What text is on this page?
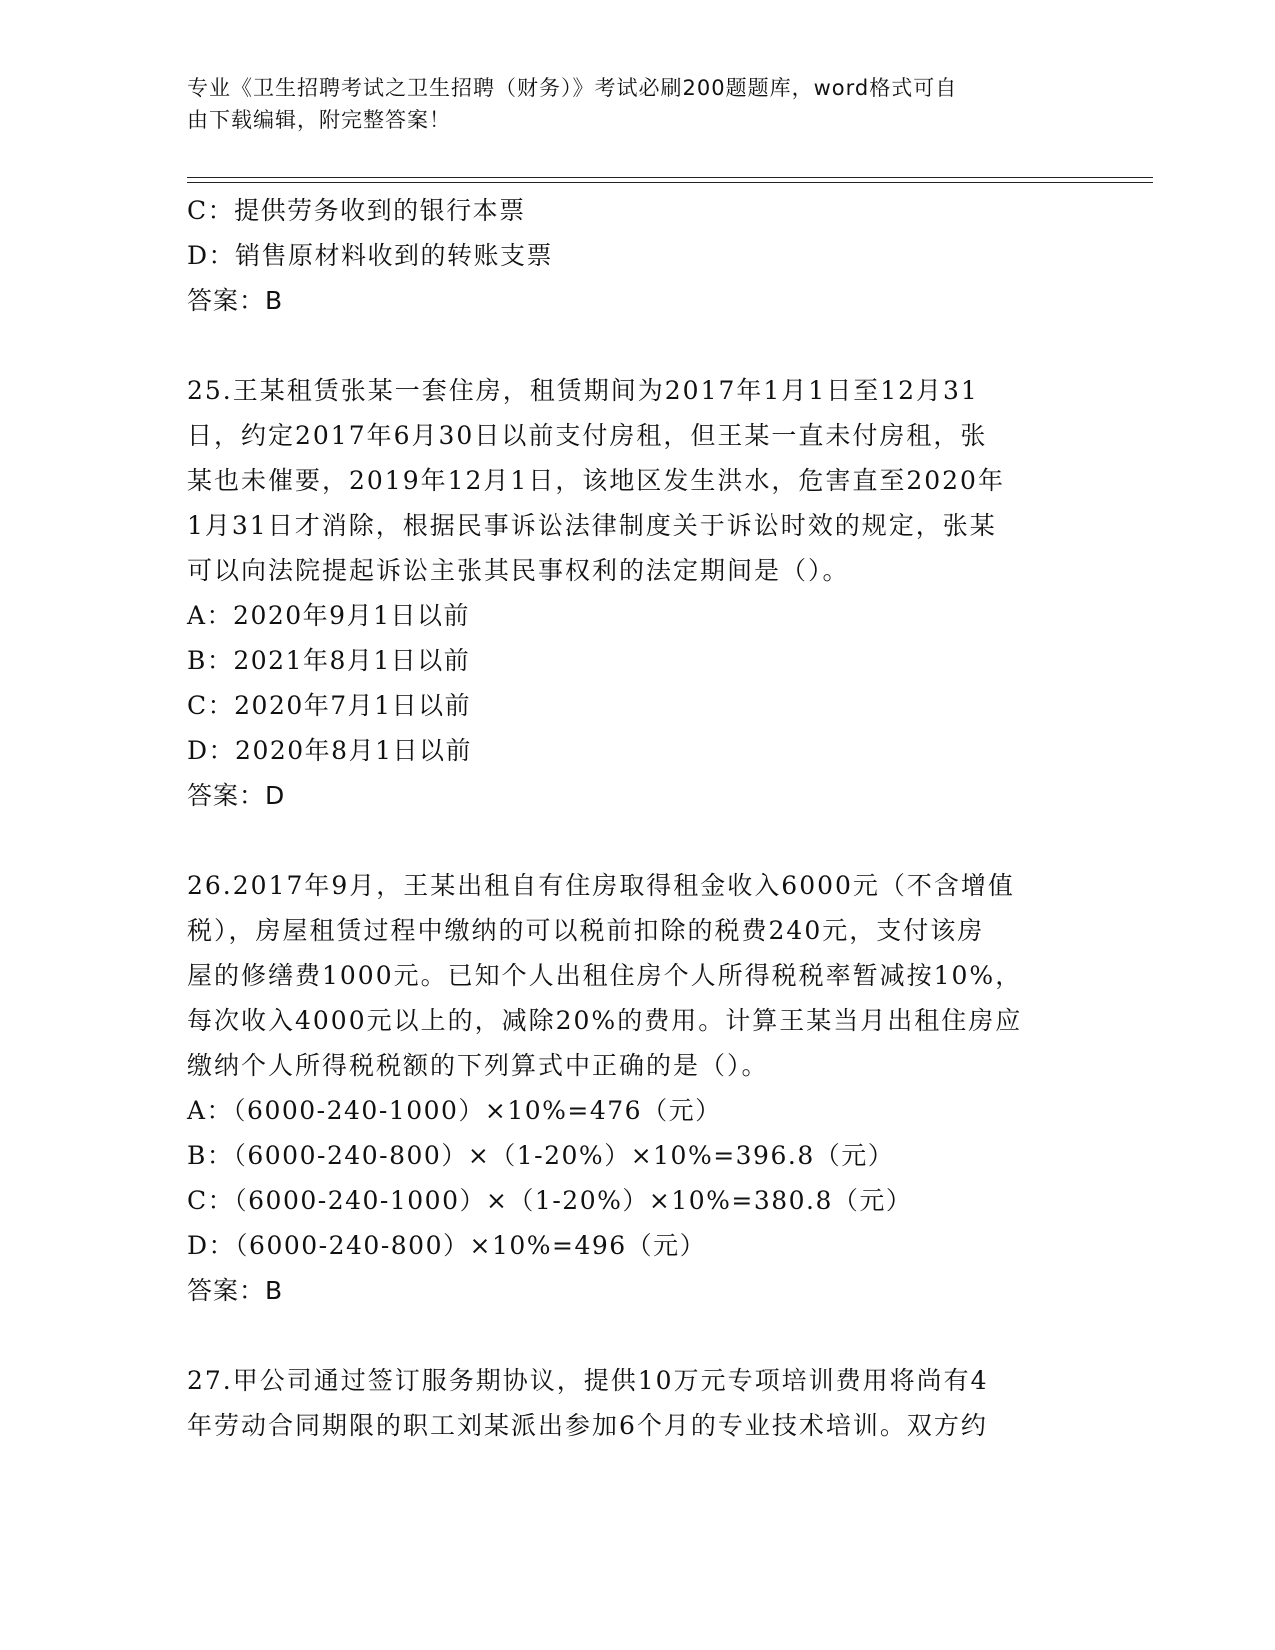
专业《卫生招聘考试之卫生招聘（财务）》考试必刷200题题库，word格式可自
由下载编辑，附完整答案！
C：提供劳务收到的银行本票
D：销售原材料收到的转账支票
答案：B
25.王某租赁张某一套住房，租赁期间为2017年1月1日至12月31
日，约定2017年6月30日以前支付房租，但王某一直未付房租，张
某也未催要，2019年12月1日，该地区发生洪水，危害直至2020年
1月31日才消除，根据民事诉讼法律制度关于诉讼时效的规定，张某
可以向法院提起诉讼主张其民事权利的法定期间是（）。
A：2020年9月1日以前
B：2021年8月1日以前
C：2020年7月1日以前
D：2020年8月1日以前
答案：D
26.2017年9月，王某出租自有住房取得租金收入6000元（不含增值
税），房屋租赁过程中缴纳的可以税前扣除的税费240元，支付该房
屋的修缮费1000元。已知个人出租住房个人所得税税率暂减按10%，
每次收入4000元以上的，减除20%的费用。计算王某当月出租住房应
缴纳个人所得税税额的下列算式中正确的是（）。
A：（6000-240-1000）×10%=476（元）
B：（6000-240-800）×（1-20%）×10%=396.8（元）
C：（6000-240-1000）×（1-20%）×10%=380.8（元）
D：（6000-240-800）×10%=496（元）
答案：B
27.甲公司通过签订服务期协议，提供10万元专项培训费用将尚有4
年劳动合同期限的职工刘某派出参加6个月的专业技术培训。双方约
